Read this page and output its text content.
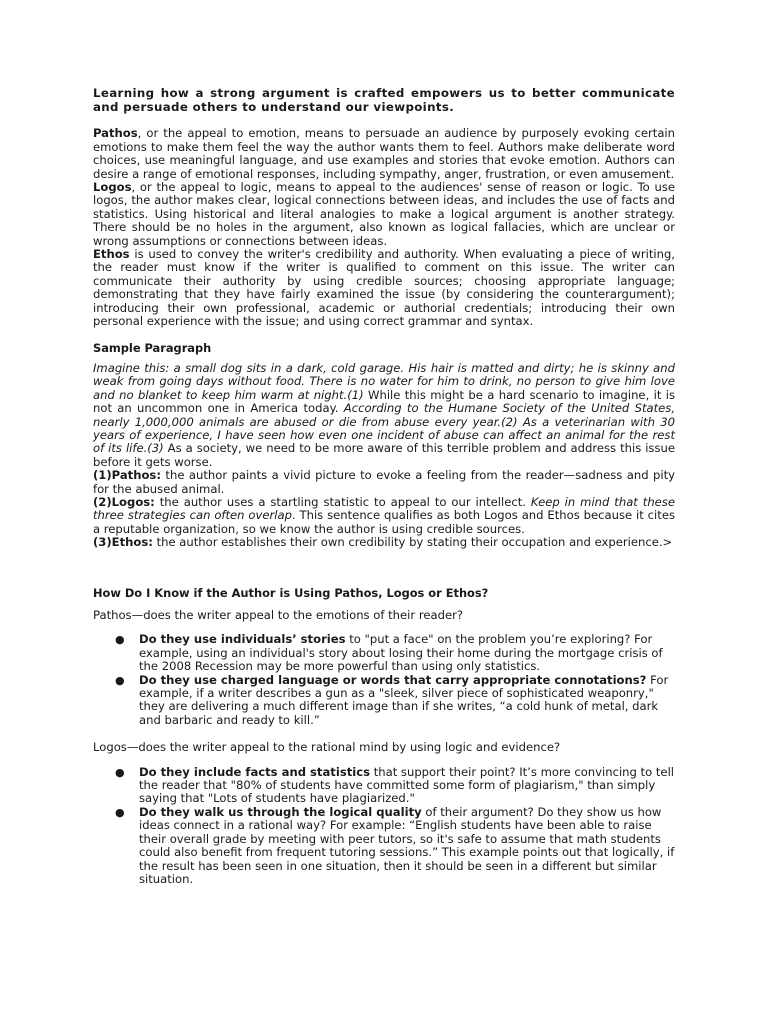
Learning how a strong argument is crafted empowers us to better communicate and persuade others to understand our viewpoints.

Pathos, or the appeal to emotion, means to persuade an audience by purposely evoking certain emotions to make them feel the way the author wants them to feel. Authors make deliberate word choices, use meaningful language, and use examples and stories that evoke emotion. Authors can desire a range of emotional responses, including sympathy, anger, frustration, or even amusement.

Logos, or the appeal to logic, means to appeal to the audiences' sense of reason or logic. To use logos, the author makes clear, logical connections between ideas, and includes the use of facts and statistics. Using historical and literal analogies to make a logical argument is another strategy. There should be no holes in the argument, also known as logical fallacies, which are unclear or wrong assumptions or connections between ideas.

Ethos is used to convey the writer's credibility and authority. When evaluating a piece of writing, the reader must know if the writer is qualified to comment on this issue. The writer can communicate their authority by using credible sources; choosing appropriate language; demonstrating that they have fairly examined the issue (by considering the counterargument); introducing their own professional, academic or authorial credentials; introducing their own personal experience with the issue; and using correct grammar and syntax.

Sample Paragraph

Imagine this: a small dog sits in a dark, cold garage. His hair is matted and dirty; he is skinny and weak from going days without food. There is no water for him to drink, no person to give him love and no blanket to keep him warm at night.(1) While this might be a hard scenario to imagine, it is not an uncommon one in America today. According to the Humane Society of the United States, nearly 1,000,000 animals are abused or die from abuse every year.(2) As a veterinarian with 30 years of experience, I have seen how even one incident of abuse can affect an animal for the rest of its life.(3) As a society, we need to be more aware of this terrible problem and address this issue before it gets worse.

(1)Pathos: the author paints a vivid picture to evoke a feeling from the reader—sadness and pity for the abused animal.

(2)Logos: the author uses a startling statistic to appeal to our intellect. Keep in mind that these three strategies can often overlap. This sentence qualifies as both Logos and Ethos because it cites a reputable organization, so we know the author is using credible sources.

(3)Ethos: the author establishes their own credibility by stating their occupation and experience.>

How Do I Know if the Author is Using Pathos, Logos or Ethos?

Pathos—does the writer appeal to the emotions of their reader?

● Do they use individuals’ stories to "put a face" on the problem you’re exploring? For example, using an individual's story about losing their home during the mortgage crisis of the 2008 Recession may be more powerful than using only statistics.
● Do they use charged language or words that carry appropriate connotations? For example, if a writer describes a gun as a "sleek, silver piece of sophisticated weaponry," they are delivering a much different image than if she writes, “a cold hunk of metal, dark and barbaric and ready to kill.”

Logos—does the writer appeal to the rational mind by using logic and evidence?

● Do they include facts and statistics that support their point? It’s more convincing to tell the reader that "80% of students have committed some form of plagiarism," than simply saying that "Lots of students have plagiarized."
● Do they walk us through the logical quality of their argument? Do they show us how ideas connect in a rational way? For example: “English students have been able to raise their overall grade by meeting with peer tutors, so it's safe to assume that math students could also benefit from frequent tutoring sessions.” This example points out that logically, if the result has been seen in one situation, then it should be seen in a different but similar situation.
